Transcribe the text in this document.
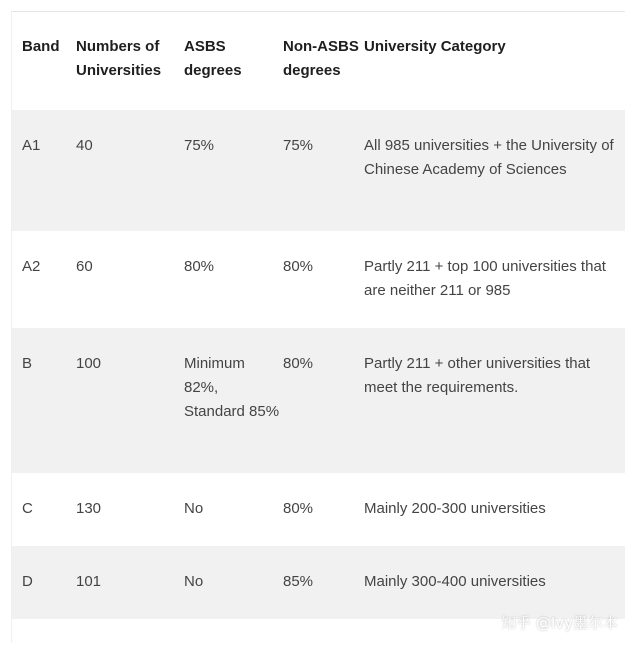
Band	Numbers of Universities	ASBS degrees	Non-ASBS degrees	University Category
A1	40	75%	75%	All 985 universities + the University of Chinese Academy of Sciences
A2	60	80%	80%	Partly 211 + top 100 universities that are neither 211 or 985
B	100	Minimum 82%, Standard 85%	80%	Partly 211 + other universities that meet the requirements.
C	130	No	80%	Mainly 200-300 universities
D	101	No	85%	Mainly 300-400 universities
知乎 @Ivy墨尔本
